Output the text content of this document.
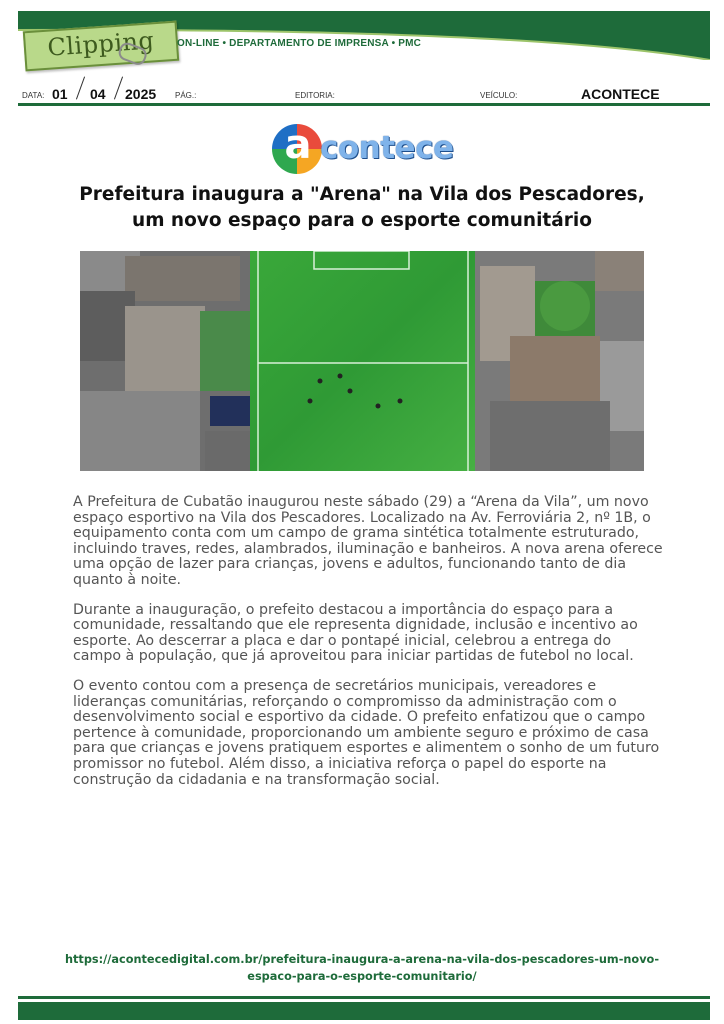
Clipping	ON-LINE • DEPARTAMENTO DE IMPRENSA • PMC
DATA: 01 04 2025 PÁG.:	EDITORIA:	VEÍCULO:	ACONTECE
a contece
Prefeitura inaugura a "Arena" na Vila dos Pescadores, um novo espaço para o esporte comunitário

A Prefeitura de Cubatão inaugurou neste sábado (29) a “Arena da Vila”, um novo espaço esportivo na Vila dos Pescadores. Localizado na Av. Ferroviária 2, nº 1B, o equipamento conta com um campo de grama sintética totalmente estruturado, incluindo traves, redes, alambrados, iluminação e banheiros. A nova arena oferece uma opção de lazer para crianças, jovens e adultos, funcionando tanto de dia quanto à noite.

Durante a inauguração, o prefeito destacou a importância do espaço para a comunidade, ressaltando que ele representa dignidade, inclusão e incentivo ao esporte. Ao descerrar a placa e dar o pontapé inicial, celebrou a entrega do campo à população, que já aproveitou para iniciar partidas de futebol no local.

O evento contou com a presença de secretários municipais, vereadores e lideranças comunitárias, reforçando o compromisso da administração com o desenvolvimento social e esportivo da cidade. O prefeito enfatizou que o campo pertence à comunidade, proporcionando um ambiente seguro e próximo de casa para que crianças e jovens pratiquem esportes e alimentem o sonho de um futuro promissor no futebol. Além disso, a iniciativa reforça o papel do esporte na construção da cidadania e na transformação social.

https://acontecedigital.com.br/prefeitura-inaugura-a-arena-na-vila-dos-pescadores-um-novo-
espaco-para-o-esporte-comunitario/
